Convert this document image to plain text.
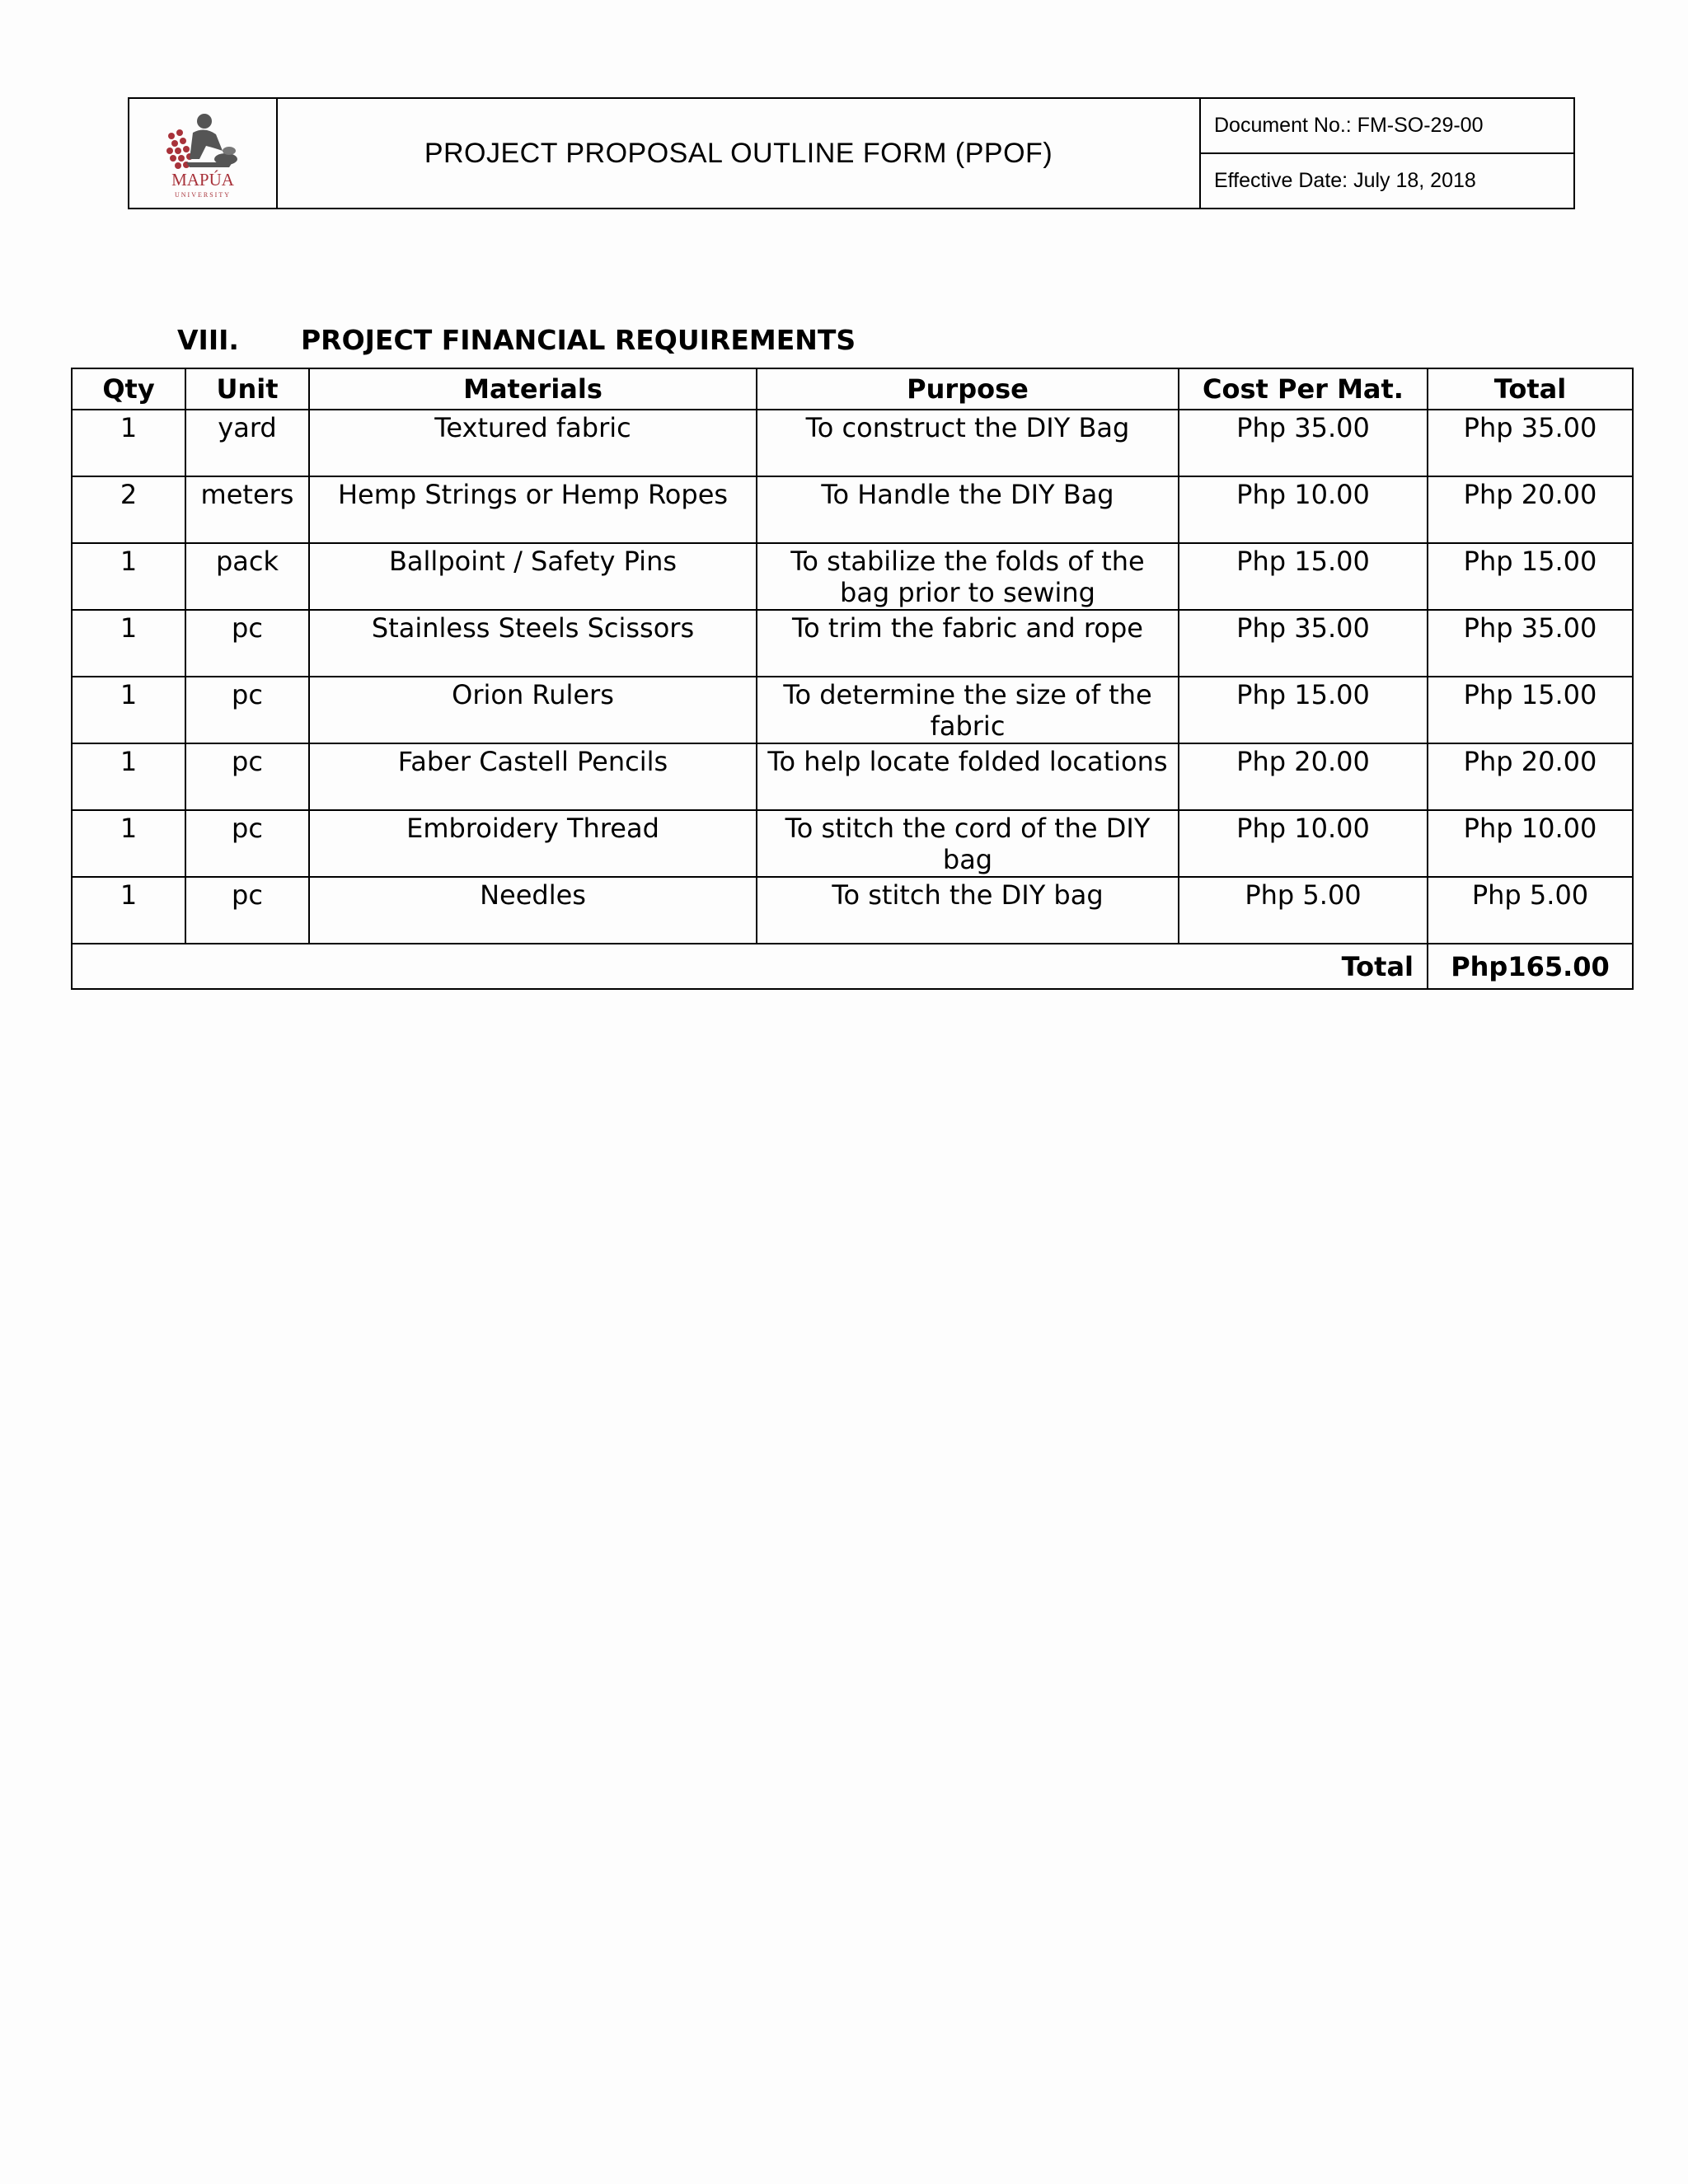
MAPÚA
UNIVERSITY
PROJECT PROPOSAL OUTLINE FORM (PPOF)
Document No.: FM-SO-29-00
Effective Date: July 18, 2018
VIII.	PROJECT FINANCIAL REQUIREMENTS
Qty	Unit	Materials	Purpose	Cost Per Mat.	Total
1	yard	Textured fabric	To construct the DIY Bag	Php 35.00	Php 35.00
2	meters	Hemp Strings or Hemp Ropes	To Handle the DIY Bag	Php 10.00	Php 20.00
1	pack	Ballpoint / Safety Pins	To stabilize the folds of the bag prior to sewing	Php 15.00	Php 15.00
1	pc	Stainless Steels Scissors	To trim the fabric and rope	Php 35.00	Php 35.00
1	pc	Orion Rulers	To determine the size of the fabric	Php 15.00	Php 15.00
1	pc	Faber Castell Pencils	To help locate folded locations	Php 20.00	Php 20.00
1	pc	Embroidery Thread	To stitch the cord of the DIY bag	Php 10.00	Php 10.00
1	pc	Needles	To stitch the DIY bag	Php 5.00	Php 5.00
Total					Php165.00
